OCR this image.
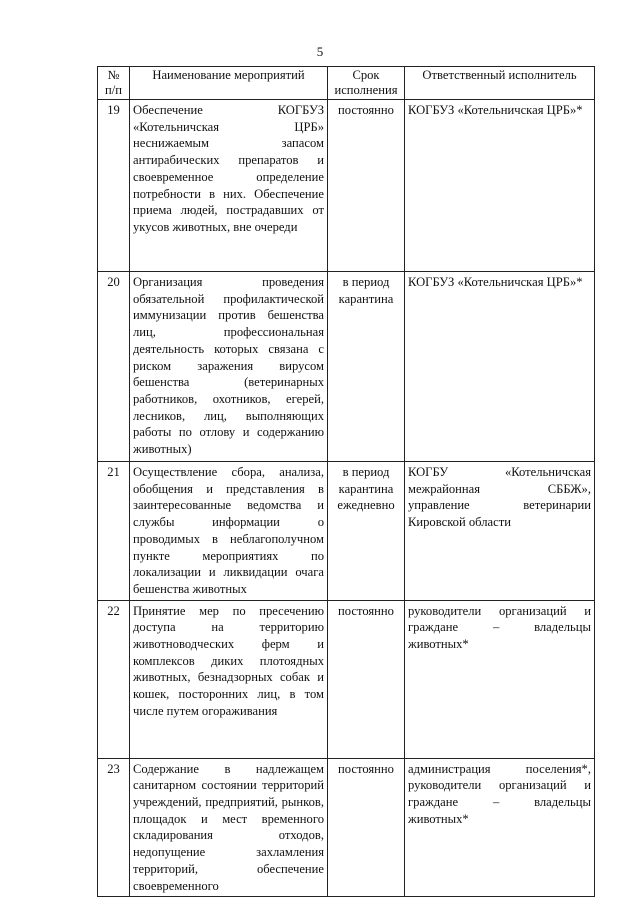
5
№ п/п	Наименование мероприятий	Срок исполнения	Ответственный исполнитель
19	Обеспечение КОГБУЗ «Котельничская ЦРБ» неснижаемым запасом антирабических препаратов и своевременное определение потребности в них. Обеспечение приема людей, пострадавших от укусов животных, вне очереди	постоянно	КОГБУЗ «Котельничская ЦРБ»*
20	Организация проведения обязательной профилактической иммунизации против бешенства лиц, профессиональная деятельность которых связана с риском заражения вирусом бешенства (ветеринарных работников, охотников, егерей, лесников, лиц, выполняющих работы по отлову и содержанию животных)	в период карантина	КОГБУЗ «Котельничская ЦРБ»*
21	Осуществление сбора, анализа, обобщения и представления в заинтересованные ведомства и службы информации о проводимых в неблагополучном пункте мероприятиях по локализации и ликвидации очага бешенства животных	в период карантина ежедневно	КОГБУ «Котельничская межрайонная СББЖ», управление ветеринарии Кировской области
22	Принятие мер по пресечению доступа на территорию животноводческих ферм и комплексов диких плотоядных животных, безнадзорных собак и кошек, посторонних лиц, в том числе путем огораживания	постоянно	руководители организаций и граждане – владельцы животных*
23	Содержание в надлежащем санитарном состоянии территорий учреждений, предприятий, рынков, площадок и мест временного складирования отходов, недопущение захламления территорий, обеспечение своевременного	постоянно	администрация поселения*, руководители организаций и граждане – владельцы животных*
